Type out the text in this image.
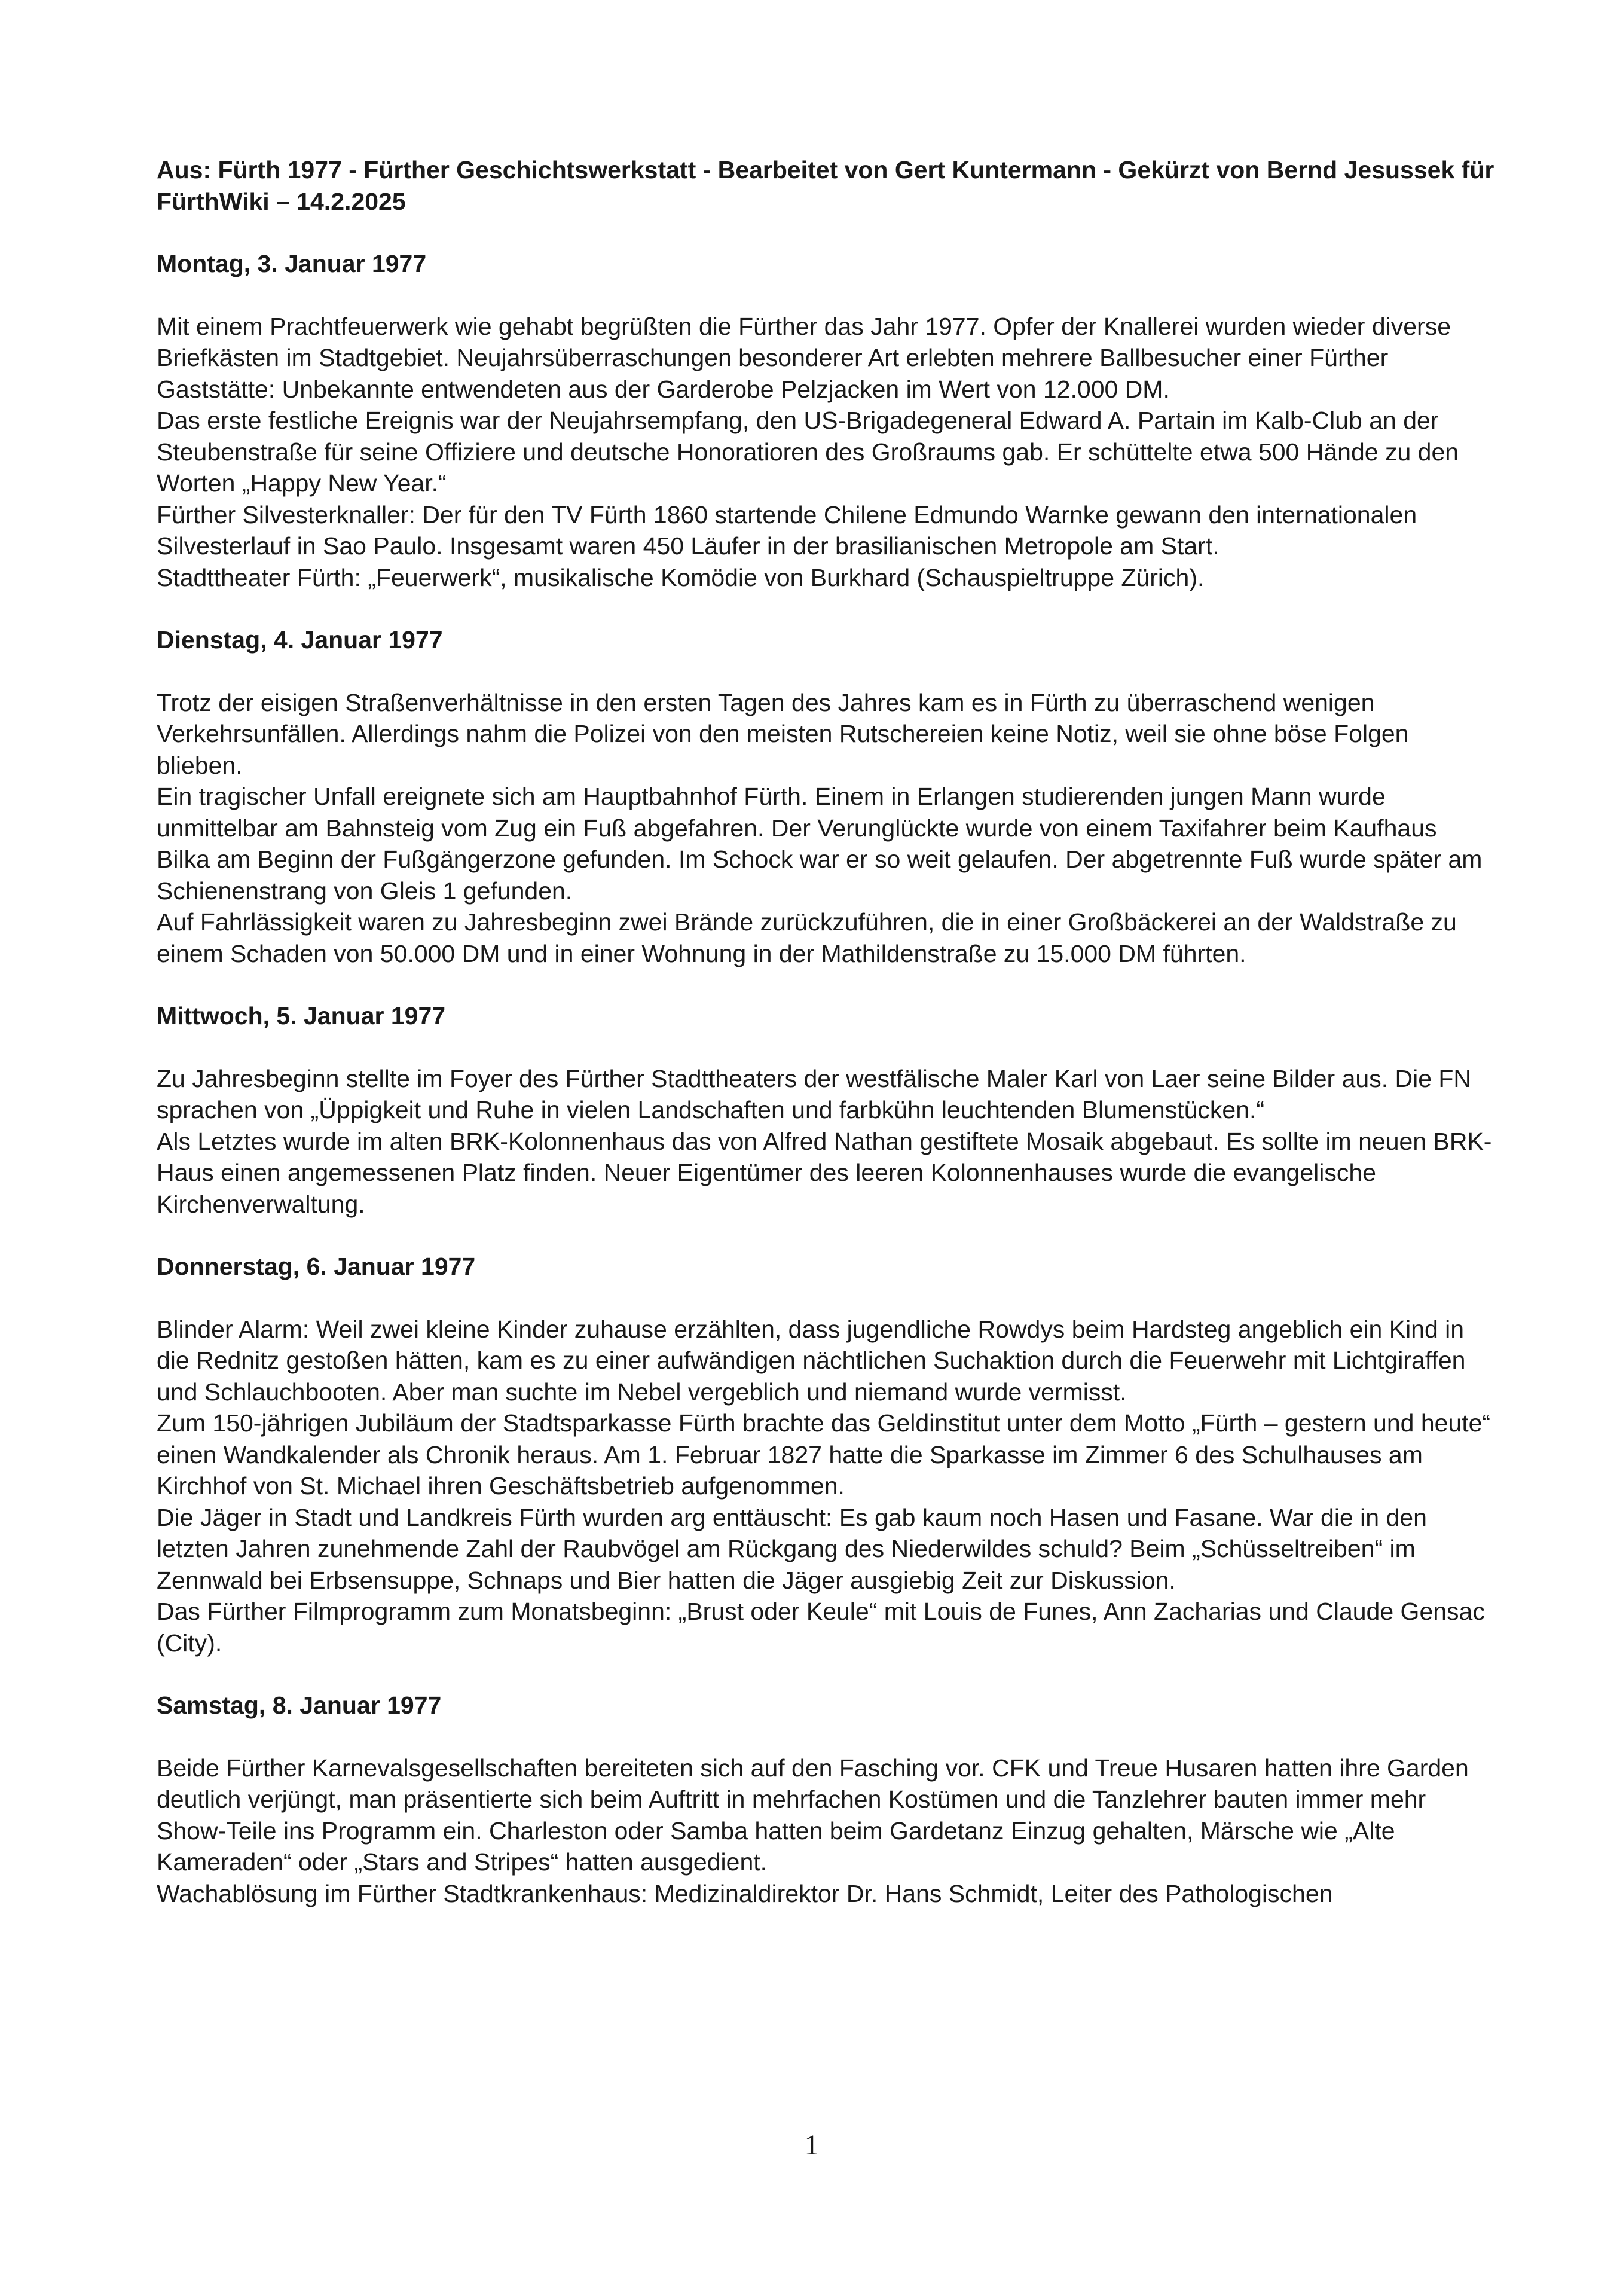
Aus: Fürth 1977 - Fürther Geschichtswerkstatt - Bearbeitet von Gert Kuntermann - Gekürzt von Bernd Jesussek für FürthWiki – 14.2.2025

Montag, 3. Januar 1977

Mit einem Prachtfeuerwerk wie gehabt begrüßten die Fürther das Jahr 1977. Opfer der Knallerei wurden wieder diverse Briefkästen im Stadtgebiet. Neujahrsüberraschungen besonderer Art erlebten mehrere Ballbesucher einer Fürther Gaststätte: Unbekannte entwendeten aus der Garderobe Pelzjacken im Wert von 12.000 DM.

Das erste festliche Ereignis war der Neujahrsempfang, den US-Brigadegeneral Edward A. Partain im Kalb-Club an der Steubenstraße für seine Offiziere und deutsche Honoratioren des Großraums gab. Er schüttelte etwa 500 Hände zu den Worten „Happy New Year.“

Fürther Silvesterknaller: Der für den TV Fürth 1860 startende Chilene Edmundo Warnke gewann den internationalen Silvesterlauf in Sao Paulo. Insgesamt waren 450 Läufer in der brasilianischen Metropole am Start.

Stadttheater Fürth: „Feuerwerk“, musikalische Komödie von Burkhard (Schauspieltruppe Zürich).

Dienstag, 4. Januar 1977

Trotz der eisigen Straßenverhältnisse in den ersten Tagen des Jahres kam es in Fürth zu überraschend wenigen Verkehrsunfällen. Allerdings nahm die Polizei von den meisten Rutschereien keine Notiz, weil sie ohne böse Folgen blieben.

Ein tragischer Unfall ereignete sich am Hauptbahnhof Fürth. Einem in Erlangen studierenden jungen Mann wurde unmittelbar am Bahnsteig vom Zug ein Fuß abgefahren. Der Verunglückte wurde von einem Taxifahrer beim Kaufhaus Bilka am Beginn der Fußgängerzone gefunden. Im Schock war er so weit gelaufen. Der abgetrennte Fuß wurde später am Schienenstrang von Gleis 1 gefunden.

Auf Fahrlässigkeit waren zu Jahresbeginn zwei Brände zurückzuführen, die in einer Großbäckerei an der Waldstraße zu einem Schaden von 50.000 DM und in einer Wohnung in der Mathildenstraße zu 15.000 DM führten.

Mittwoch, 5. Januar 1977

Zu Jahresbeginn stellte im Foyer des Fürther Stadttheaters der westfälische Maler Karl von Laer seine Bilder aus. Die FN sprachen von „Üppigkeit und Ruhe in vielen Landschaften und farbkühn leuchtenden Blumenstücken.“

Als Letztes wurde im alten BRK-Kolonnenhaus das von Alfred Nathan gestiftete Mosaik abgebaut. Es sollte im neuen BRK-Haus einen angemessenen Platz finden. Neuer Eigentümer des leeren Kolonnenhauses wurde die evangelische Kirchenverwaltung.

Donnerstag, 6. Januar 1977

Blinder Alarm: Weil zwei kleine Kinder zuhause erzählten, dass jugendliche Rowdys beim Hardsteg angeblich ein Kind in die Rednitz gestoßen hätten, kam es zu einer aufwändigen nächtlichen Suchaktion durch die Feuerwehr mit Lichtgiraffen und Schlauchbooten. Aber man suchte im Nebel vergeblich und niemand wurde vermisst.

Zum 150-jährigen Jubiläum der Stadtsparkasse Fürth brachte das Geldinstitut unter dem Motto „Fürth – gestern und heute“ einen Wandkalender als Chronik heraus. Am 1. Februar 1827 hatte die Sparkasse im Zimmer 6 des Schulhauses am Kirchhof von St. Michael ihren Geschäftsbetrieb aufgenommen.

Die Jäger in Stadt und Landkreis Fürth wurden arg enttäuscht: Es gab kaum noch Hasen und Fasane. War die in den letzten Jahren zunehmende Zahl der Raubvögel am Rückgang des Niederwildes schuld? Beim „Schüsseltreiben“ im Zennwald bei Erbsensuppe, Schnaps und Bier hatten die Jäger ausgiebig Zeit zur Diskussion.

Das Fürther Filmprogramm zum Monatsbeginn: „Brust oder Keule“ mit Louis de Funes, Ann Zacharias und Claude Gensac (City).

Samstag, 8. Januar 1977

Beide Fürther Karnevalsgesellschaften bereiteten sich auf den Fasching vor. CFK und Treue Husaren hatten ihre Garden deutlich verjüngt, man präsentierte sich beim Auftritt in mehrfachen Kostümen und die Tanzlehrer bauten immer mehr Show-Teile ins Programm ein. Charleston oder Samba hatten beim Gardetanz Einzug gehalten, Märsche wie „Alte Kameraden“ oder „Stars and Stripes“ hatten ausgedient.

Wachablösung im Fürther Stadtkrankenhaus: Medizinaldirektor Dr. Hans Schmidt, Leiter des Pathologischen

1
